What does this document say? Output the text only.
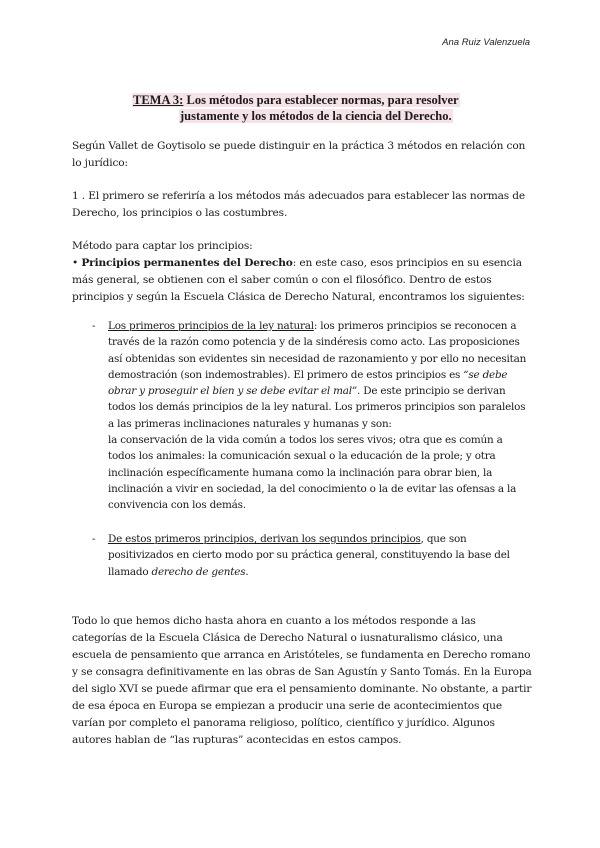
Ana Ruiz Valenzuela
TEMA 3: Los métodos para establecer normas, para resolver
justamente y los métodos de la ciencia del Derecho.
Según Vallet de Goytisolo se puede distinguir en la práctica 3 métodos en relación con lo jurídico:
1 . El primero se referiría a los métodos más adecuados para establecer las normas de Derecho, los principios o las costumbres.
Método para captar los principios:
• Principios permanentes del Derecho: en este caso, esos principios en su esencia más general, se obtienen con el saber común o con el filosófico. Dentro de estos principios y según la Escuela Clásica de Derecho Natural, encontramos los siguientes:
- Los primeros principios de la ley natural: los primeros principios se reconocen a través de la razón como potencia y de la sindéresis como acto. Las proposiciones así obtenidas son evidentes sin necesidad de razonamiento y por ello no necesitan demostración (son indemostrables). El primero de estos principios es “se debe obrar y proseguir el bien y se debe evitar el mal”. De este principio se derivan todos los demás principios de la ley natural. Los primeros principios son paralelos a las primeras inclinaciones naturales y humanas y son:
la conservación de la vida común a todos los seres vivos; otra que es común a todos los animales: la comunicación sexual o la educación de la prole; y otra inclinación específicamente humana como la inclinación para obrar bien, la inclinación a vivir en sociedad, la del conocimiento o la de evitar las ofensas a la convivencia con los demás.
- De estos primeros principios, derivan los segundos principios, que son positivizados en cierto modo por su práctica general, constituyendo la base del llamado derecho de gentes.
Todo lo que hemos dicho hasta ahora en cuanto a los métodos responde a las categorías de la Escuela Clásica de Derecho Natural o iusnaturalismo clásico, una escuela de pensamiento que arranca en Aristóteles, se fundamenta en Derecho romano y se consagra definitivamente en las obras de San Agustín y Santo Tomás. En la Europa del siglo XVI se puede afirmar que era el pensamiento dominante. No obstante, a partir de esa época en Europa se empiezan a producir una serie de acontecimientos que varían por completo el panorama religioso, político, científico y jurídico. Algunos autores hablan de “las rupturas” acontecidas en estos campos.
